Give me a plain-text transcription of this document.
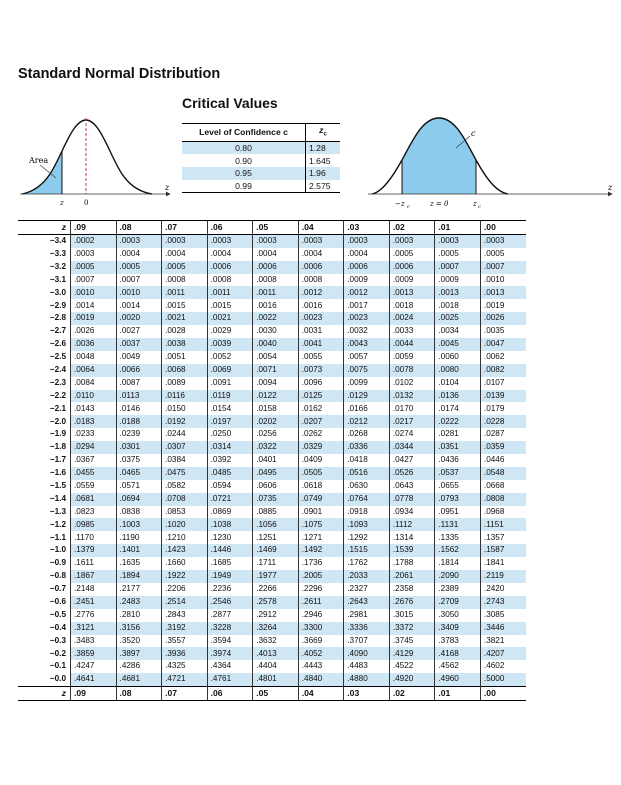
Standard Normal Distribution
Area
0
z
z
Critical Values
Level of Confidence c	$z_c$
0.80	1.28
0.90	1.645
0.95	1.96
0.99	2.575
c
z
−z c	z = 0	z c
z	.09	.08	.07	.06	.05	.04	.03	.02	.01	.00
−3.4	.0002	.0003	.0003	.0003	.0003	.0003	.0003	.0003	.0003	.0003
−3.3	.0003	.0004	.0004	.0004	.0004	.0004	.0004	.0005	.0005	.0005
−3.2	.0005	.0005	.0005	.0006	.0006	.0006	.0006	.0006	.0007	.0007
−3.1	.0007	.0007	.0008	.0008	.0008	.0008	.0009	.0009	.0009	.0010
−3.0	.0010	.0010	.0011	.0011	.0011	.0012	.0012	.0013	.0013	.0013
−2.9	.0014	.0014	.0015	.0015	.0016	.0016	.0017	.0018	.0018	.0019
−2.8	.0019	.0020	.0021	.0021	.0022	.0023	.0023	.0024	.0025	.0026
−2.7	.0026	.0027	.0028	.0029	.0030	.0031	.0032	.0033	.0034	.0035
−2.6	.0036	.0037	.0038	.0039	.0040	.0041	.0043	.0044	.0045	.0047
−2.5	.0048	.0049	.0051	.0052	.0054	.0055	.0057	.0059	.0060	.0062
−2.4	.0064	.0066	.0068	.0069	.0071	.0073	.0075	.0078	.0080	.0082
−2.3	.0084	.0087	.0089	.0091	.0094	.0096	.0099	.0102	.0104	.0107
−2.2	.0110	.0113	.0116	.0119	.0122	.0125	.0129	.0132	.0136	.0139
−2.1	.0143	.0146	.0150	.0154	.0158	.0162	.0166	.0170	.0174	.0179
−2.0	.0183	.0188	.0192	.0197	.0202	.0207	.0212	.0217	.0222	.0228
−1.9	.0233	.0239	.0244	.0250	.0256	.0262	.0268	.0274	.0281	.0287
−1.8	.0294	.0301	.0307	.0314	.0322	.0329	.0336	.0344	.0351	.0359
−1.7	.0367	.0375	.0384	.0392	.0401	.0409	.0418	.0427	.0436	.0446
−1.6	.0455	.0465	.0475	.0485	.0495	.0505	.0516	.0526	.0537	.0548
−1.5	.0559	.0571	.0582	.0594	.0606	.0618	.0630	.0643	.0655	.0668
−1.4	.0681	.0694	.0708	.0721	.0735	.0749	.0764	.0778	.0793	.0808
−1.3	.0823	.0838	.0853	.0869	.0885	.0901	.0918	.0934	.0951	.0968
−1.2	.0985	.1003	.1020	.1038	.1056	.1075	.1093	.1112	.1131	.1151
−1.1	.1170	.1190	.1210	.1230	.1251	.1271	.1292	.1314	.1335	.1357
−1.0	.1379	.1401	.1423	.1446	.1469	.1492	.1515	.1539	.1562	.1587
−0.9	.1611	.1635	.1660	.1685	.1711	.1736	.1762	.1788	.1814	.1841
−0.8	.1867	.1894	.1922	.1949	.1977	.2005	.2033	.2061	.2090	.2119
−0.7	.2148	.2177	.2206	.2236	.2266	.2296	.2327	.2358	.2389	.2420
−0.6	.2451	.2483	.2514	.2546	.2578	.2611	.2643	.2676	.2709	.2743
−0.5	.2776	.2810	.2843	.2877	.2912	.2946	.2981	.3015	.3050	.3085
−0.4	.3121	.3156	.3192	.3228	.3264	.3300	.3336	.3372	.3409	.3446
−0.3	.3483	.3520	.3557	.3594	.3632	.3669	.3707	.3745	.3783	.3821
−0.2	.3859	.3897	.3936	.3974	.4013	.4052	.4090	.4129	.4168	.4207
−0.1	.4247	.4286	.4325	.4364	.4404	.4443	.4483	.4522	.4562	.4602
−0.0	.4641	.4681	.4721	.4761	.4801	.4840	.4880	.4920	.4960	.5000
z	.09	.08	.07	.06	.05	.04	.03	.02	.01	.00
